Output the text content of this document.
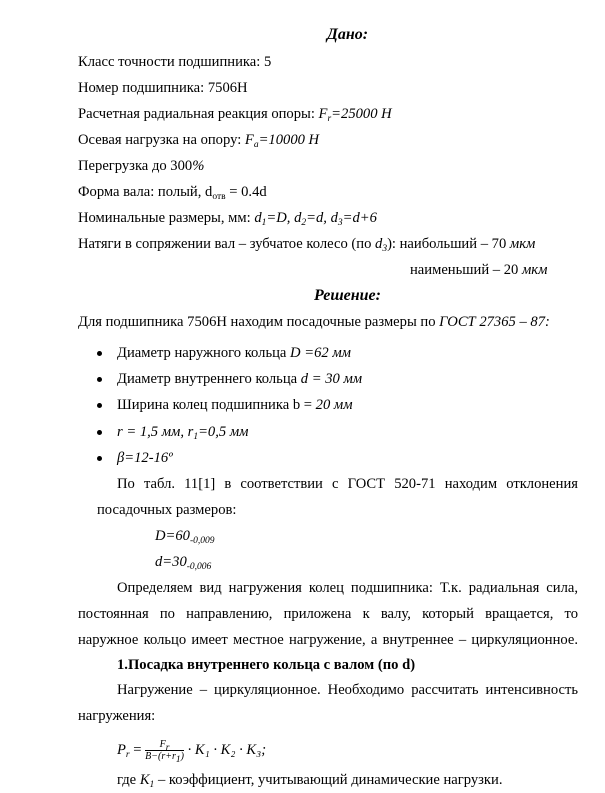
Дано:
Класс точности подшипника: 5
Номер подшипника: 7506Н
Расчетная радиальная реакция опоры: $F_r=25000$ Н
Осевая нагрузка на опору: $F_a=10000$ Н
Перегрузка до 300%
Форма вала: полый, $d_{отв} = 0.4d$
Номинальные размеры, мм: $d_1=D$, $d_2=d$, $d_3=d+6$
Натяги в сопряжении вал – зубчатое колесо (по $d_3$): наибольший – 70 мкм
наименьший – 20 мкм
Решение:
Для подшипника 7506Н находим посадочные размеры по ГОСТ 27365 – 87:
Диаметр наружного кольца D =62 мм
Диаметр внутреннего кольца d = 30 мм
Ширина колец подшипника b = 20 мм
r = 1,5 мм, $r_1=0,5$ мм
β=12-16º
По табл. 11[1] в соответствии с ГОСТ 520-71 находим отклонения
посадочных размеров:
$D=60_{-0,009}$
$d=30_{-0,006}$
Определяем вид нагружения колец подшипника: Т.к. радиальная сила,
постоянная по направлению, приложена к валу, который вращается, то
наружное кольцо имеет местное нагружение, а внутреннее – циркуляционное.
1.Посадка внутреннего кольца с валом (по d)
Нагружение – циркуляционное. Необходимо рассчитать интенсивность
нагружения:
$P_r = \frac{F_r}{B-(r+r_1)} \cdot K_1 \cdot K_2 \cdot K_3$;
где $K_1$ – коэффициент, учитывающий динамические нагрузки.
